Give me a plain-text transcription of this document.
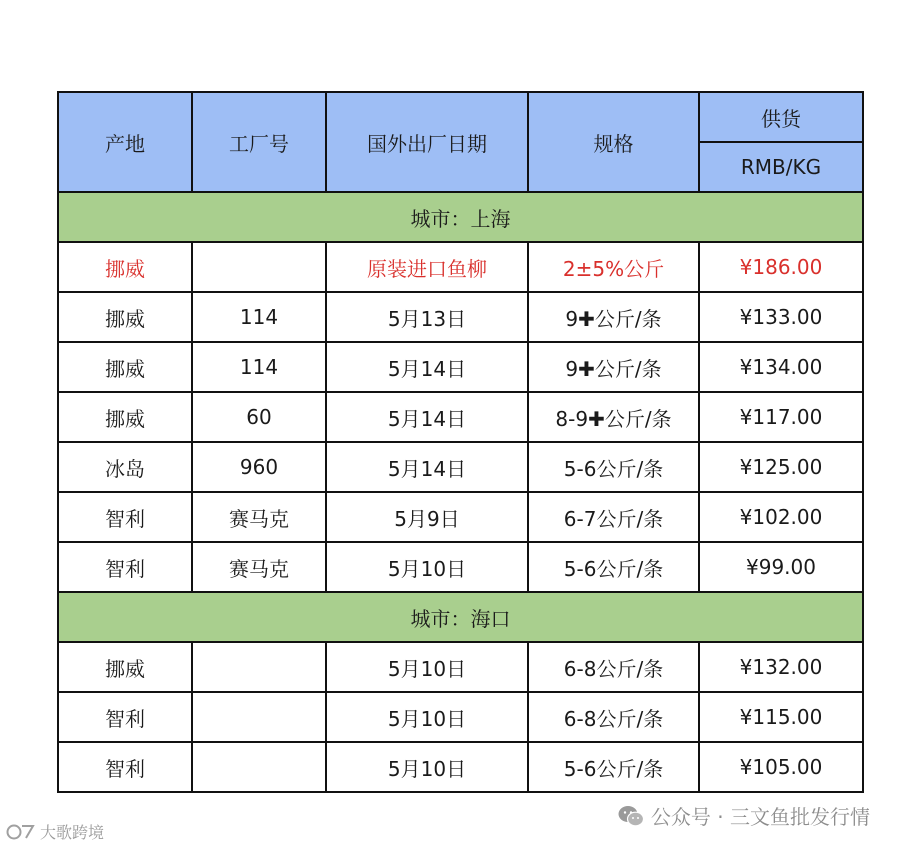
产地	工厂号	国外出厂日期	规格	供货
				RMB/KG
城市：上海				
挪威		原装进口鱼柳	2±5%公斤	¥186.00
挪威	114	5月13日	9✚公斤/条	¥133.00
挪威	114	5月14日	9✚公斤/条	¥134.00
挪威	60	5月14日	8-9✚公斤/条	¥117.00
冰岛	960	5月14日	5-6公斤/条	¥125.00
智利	赛马克	5月9日	6-7公斤/条	¥102.00
智利	赛马克	5月10日	5-6公斤/条	¥99.00
城市：海口				
挪威		5月10日	6-8公斤/条	¥132.00
智利		5月10日	6-8公斤/条	¥115.00
智利		5月10日	5-6公斤/条	¥105.00
公众号 · 三文鱼批发行情
大歌跨境
